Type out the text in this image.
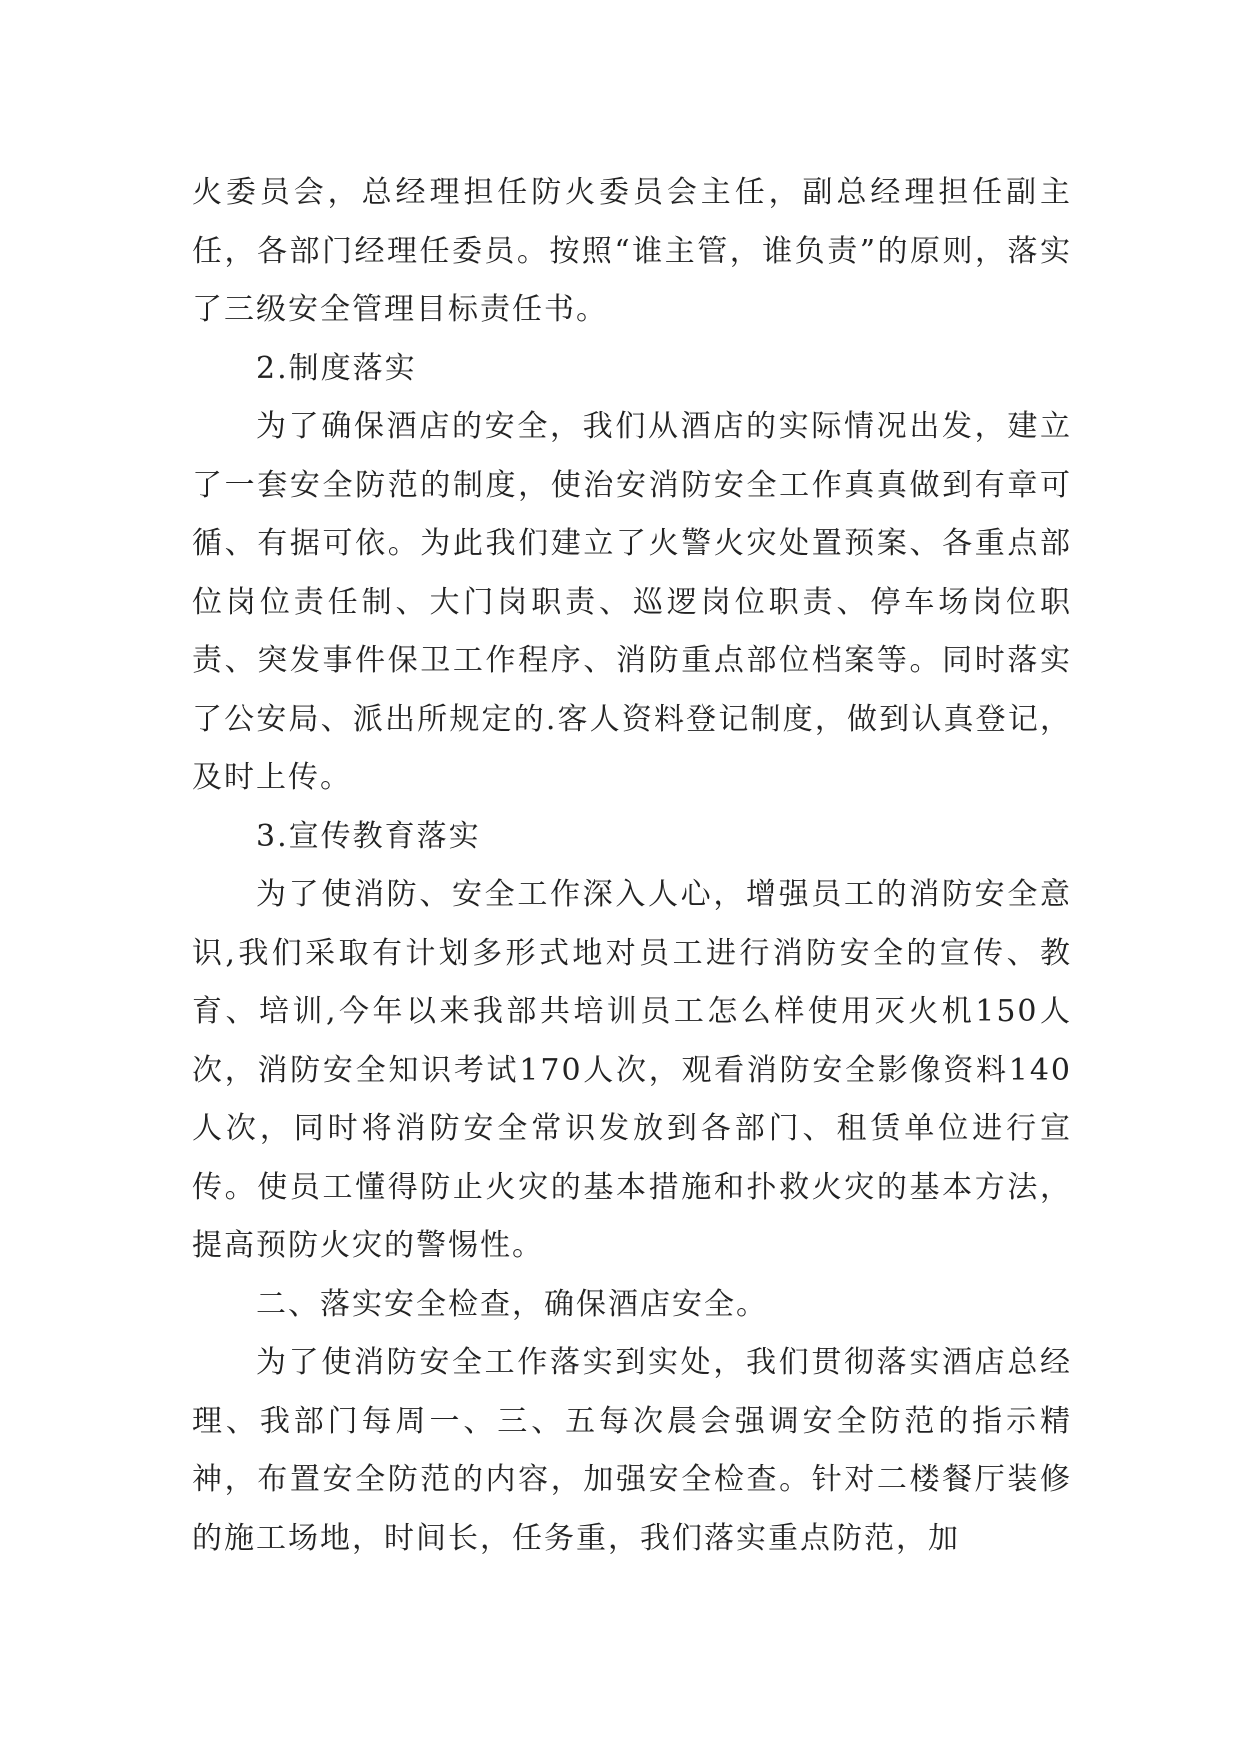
火委员会，总经理担任防火委员会主任，副总经理担任副主任，各部门经理任委员。按照“谁主管，谁负责”的原则，落实了三级安全管理目标责任书。

2.制度落实

为了确保酒店的安全，我们从酒店的实际情况出发，建立了一套安全防范的制度，使治安消防安全工作真真做到有章可循、有据可依。为此我们建立了火警火灾处置预案、各重点部位岗位责任制、大门岗职责、巡逻岗位职责、停车场岗位职责、突发事件保卫工作程序、消防重点部位档案等。同时落实了公安局、派出所规定的.客人资料登记制度，做到认真登记，及时上传。

3.宣传教育落实

为了使消防、安全工作深入人心，增强员工的消防安全意识,我们采取有计划多形式地对员工进行消防安全的宣传、教育、培训,今年以来我部共培训员工怎么样使用灭火机150人次，消防安全知识考试170人次，观看消防安全影像资料140人次，同时将消防安全常识发放到各部门、租赁单位进行宣传。使员工懂得防止火灾的基本措施和扑救火灾的基本方法，提高预防火灾的警惕性。

二、落实安全检查，确保酒店安全。

为了使消防安全工作落实到实处，我们贯彻落实酒店总经理、我部门每周一、三、五每次晨会强调安全防范的指示精神，布置安全防范的内容，加强安全检查。针对二楼餐厅装修的施工场地，时间长，任务重，我们落实重点防范，加
